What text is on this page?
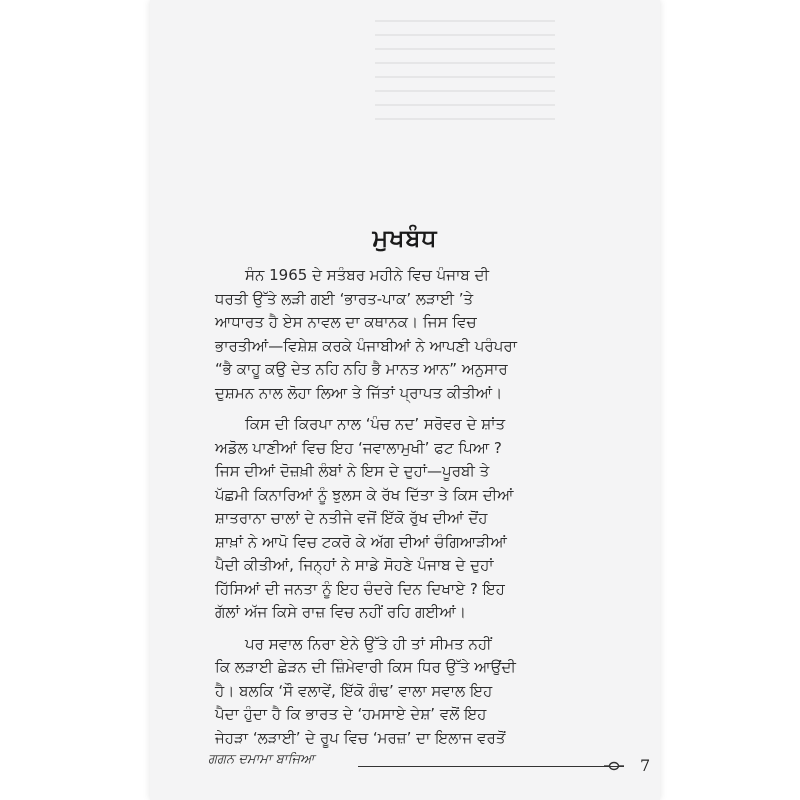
ਮੁਖਬੰਧ

ਸੰਨ 1965 ਦੇ ਸਤੰਬਰ ਮਹੀਨੇ ਵਿਚ ਪੰਜਾਬ ਦੀ
ਧਰਤੀ ਉੱਤੇ ਲੜੀ ਗਈ ‘ਭਾਰਤ-ਪਾਕ’ ਲੜਾਈ ’ਤੇ
ਆਧਾਰਤ ਹੈ ਏਸ ਨਾਵਲ ਦਾ ਕਥਾਨਕ। ਜਿਸ ਵਿਚ
ਭਾਰਤੀਆਂ—ਵਿਸ਼ੇਸ਼ ਕਰਕੇ ਪੰਜਾਬੀਆਂ ਨੇ ਆਪਣੀ ਪਰੰਪਰਾ
“ਭੈ ਕਾਹੂ ਕਉ ਦੇਤ ਨਹਿ ਨਹਿ ਭੈ ਮਾਨਤ ਆਨ” ਅਨੁਸਾਰ
ਦੁਸ਼ਮਨ ਨਾਲ ਲੋਹਾ ਲਿਆ ਤੇ ਜਿੱਤਾਂ ਪ੍ਰਾਪਤ ਕੀਤੀਆਂ।

ਕਿਸ ਦੀ ਕਿਰਪਾ ਨਾਲ ‘ਪੰਚ ਨਦ’ ਸਰੋਵਰ ਦੇ ਸ਼ਾਂਤ
ਅਡੋਲ ਪਾਣੀਆਂ ਵਿਚ ਇਹ ‘ਜਵਾਲਾਮੁਖੀ’ ਫਟ ਪਿਆ ?
ਜਿਸ ਦੀਆਂ ਦੋਜ਼ਖ਼ੀ ਲੰਬਾਂ ਨੇ ਇਸ ਦੇ ਦੁਹਾਂ—ਪੂਰਬੀ ਤੇ
ਪੱਛਮੀ ਕਿਨਾਰਿਆਂ ਨੂੰ ਝੁਲਸ ਕੇ ਰੱਖ ਦਿੱਤਾ ਤੇ ਕਿਸ ਦੀਆਂ
ਸ਼ਾਤਰਾਨਾ ਚਾਲਾਂ ਦੇ ਨਤੀਜੇ ਵਜੋਂ ਇੱਕੋ ਰੁੱਖ ਦੀਆਂ ਦੋਂਹ
ਸ਼ਾਖ਼ਾਂ ਨੇ ਆਪੋ ਵਿਚ ਟਕਰੋ ਕੇ ਅੱਗ ਦੀਆਂ ਚੰਗਿਆੜੀਆਂ
ਪੈਦੀ ਕੀਤੀਆਂ, ਜਿਨ੍ਹਾਂ ਨੇ ਸਾਡੇ ਸੋਹਣੇ ਪੰਜਾਬ ਦੇ ਦੁਹਾਂ
ਹਿੱਸਿਆਂ ਦੀ ਜਨਤਾ ਨੂੰ ਇਹ ਚੰਦਰੇ ਦਿਨ ਦਿਖਾਏ ? ਇਹ
ਗੱਲਾਂ ਅੱਜ ਕਿਸੇ ਰਾਜ਼ ਵਿਚ ਨਹੀਂ ਰਹਿ ਗਈਆਂ।

ਪਰ ਸਵਾਲ ਨਿਰਾ ਏਨੇ ਉੱਤੇ ਹੀ ਤਾਂ ਸੀਮਤ ਨਹੀਂ
ਕਿ ਲੜਾਈ ਛੇੜਨ ਦੀ ਜ਼ਿੰਮੇਵਾਰੀ ਕਿਸ ਧਿਰ ਉੱਤੇ ਆਉਂਦੀ
ਹੈ। ਬਲਕਿ ‘ਸੌ ਵਲਾਵੇਂ, ਇੱਕੋ ਗੰਢ’ ਵਾਲਾ ਸਵਾਲ ਇਹ
ਪੈਦਾ ਹੁੰਦਾ ਹੈ ਕਿ ਭਾਰਤ ਦੇ ‘ਹਮਸਾਏ ਦੇਸ਼’ ਵਲੋਂ ਇਹ
ਜੇਹੜਾ ‘ਲੜਾਈ’ ਦੇ ਰੂਪ ਵਿਚ ‘ਮਰਜ਼’ ਦਾ ਇਲਾਜ ਵਰਤੋਂ

ਗਗਨ ਦਮਾਮਾ ਬਾਜਿਆ	7
